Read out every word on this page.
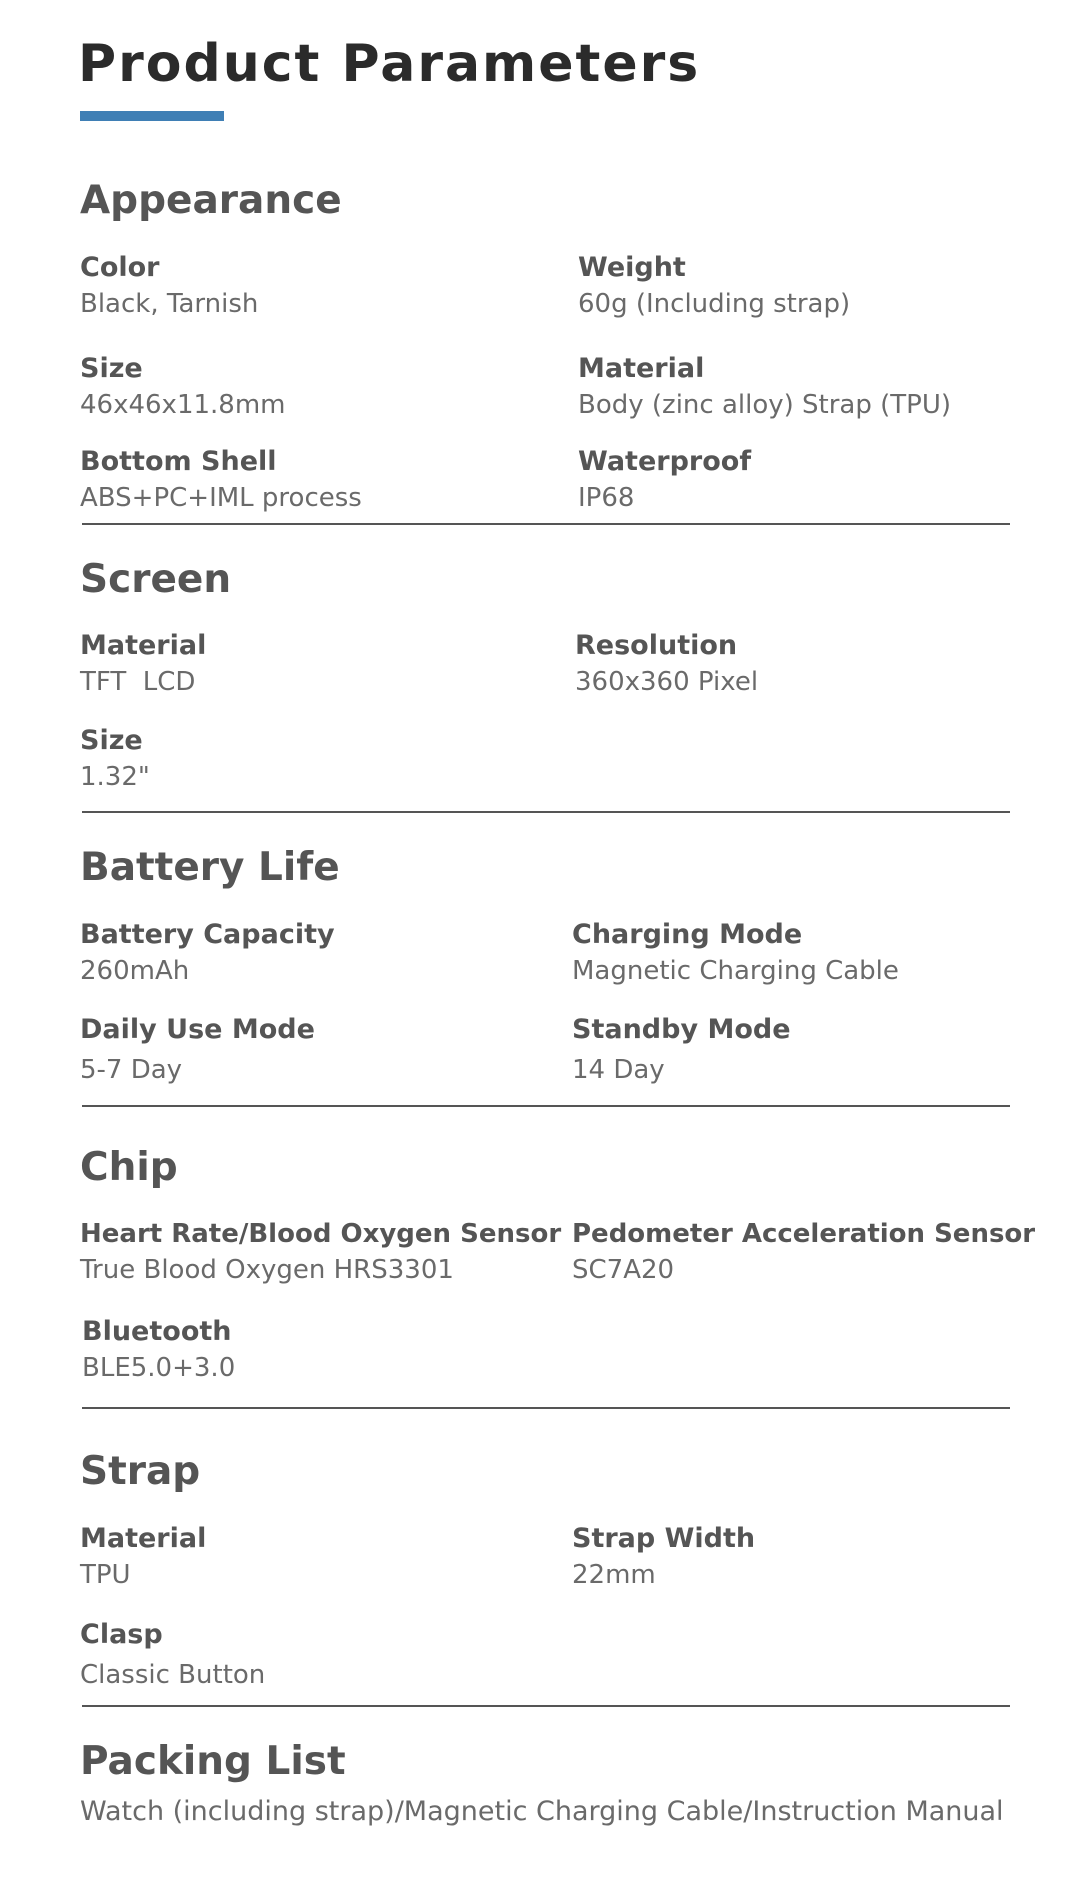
Product Parameters
Appearance
Color
Black, Tarnish
Weight
60g (Including strap)
Size
46x46x11.8mm
Material
Body (zinc alloy) Strap (TPU)
Bottom Shell
ABS+PC+IML process
Waterproof
IP68
Screen
Material
TFT  LCD
Resolution
360x360 Pixel
Size
1.32"
Battery Life
Battery Capacity
260mAh
Charging Mode
Magnetic Charging Cable
Daily Use Mode
5-7 Day
Standby Mode
14 Day
Chip
Heart Rate/Blood Oxygen Sensor
True Blood Oxygen HRS3301
Pedometer Acceleration Sensor
SC7A20
Bluetooth
BLE5.0+3.0
Strap
Material
TPU
Strap Width
22mm
Clasp
Classic Button
Packing List
Watch (including strap)/Magnetic Charging Cable/Instruction Manual
